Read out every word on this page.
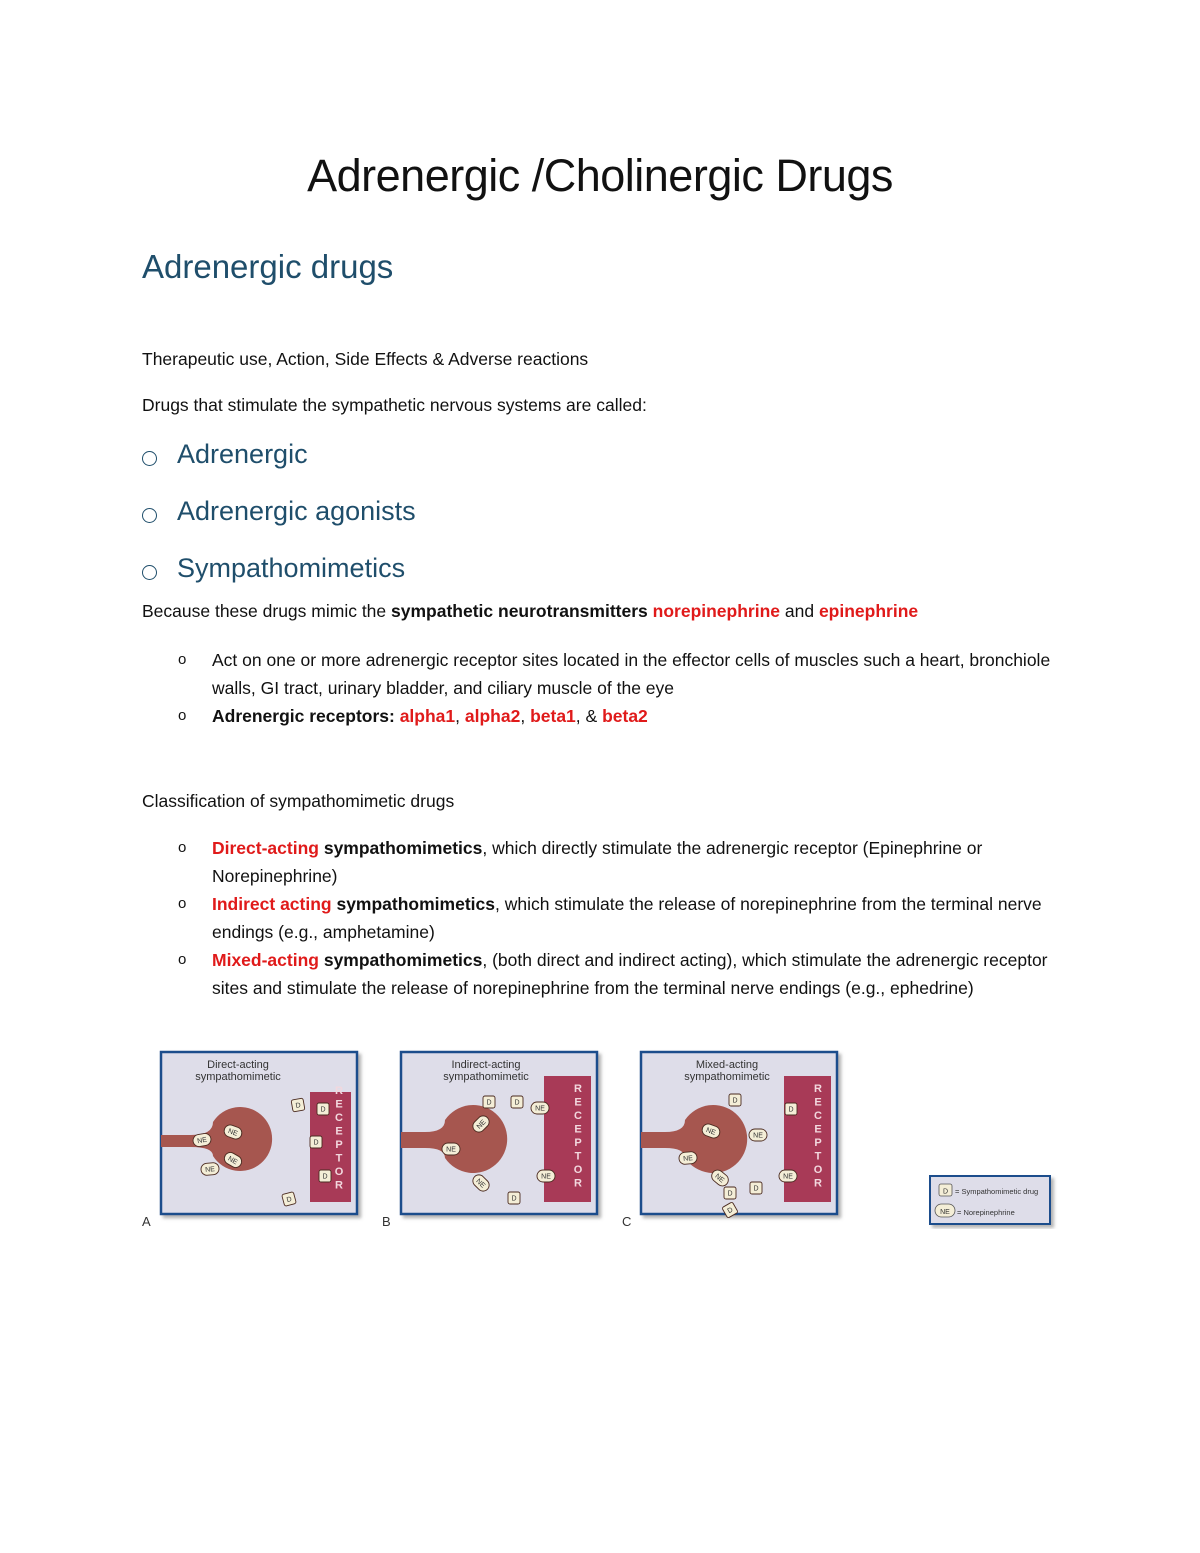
Adrenergic /Cholinergic Drugs
Adrenergic drugs
Therapeutic use, Action, Side Effects & Adverse reactions
Drugs that stimulate the sympathetic nervous systems are called:
Adrenergic
Adrenergic agonists
Sympathomimetics
Because these drugs mimic the sympathetic neurotransmitters norepinephrine and epinephrine
o Act on one or more adrenergic receptor sites located in the effector cells of muscles such a heart, bronchiole walls, GI tract, urinary bladder, and ciliary muscle of the eye
o Adrenergic receptors: alpha1, alpha2, beta1, & beta2
Classification of sympathomimetic drugs
o Direct-acting sympathomimetics, which directly stimulate the adrenergic receptor (Epinephrine or Norepinephrine)
o Indirect acting sympathomimetics, which stimulate the release of norepinephrine from the terminal nerve endings (e.g., amphetamine)
o Mixed-acting sympathomimetics, (both direct and indirect acting), which stimulate the adrenergic receptor sites and stimulate the release of norepinephrine from the terminal nerve endings (e.g., ephedrine)
Direct-acting sympathomimetic
R
E
C
E
P
T
O
R
D
D
D
D
D
NE
NE
NE
NE
A
Indirect-acting sympathomimetic
R
E
C
E
P
T
O
R
D	D
NE
NE
NE
NE
NE
D
B
Mixed-acting sympathomimetic
R
E
C
E
P
T
O
R
D
D
NE	NE
NE
NE	NE
D
D
D
C
D = Sympathomimetic drug
NE = Norepinephrine
